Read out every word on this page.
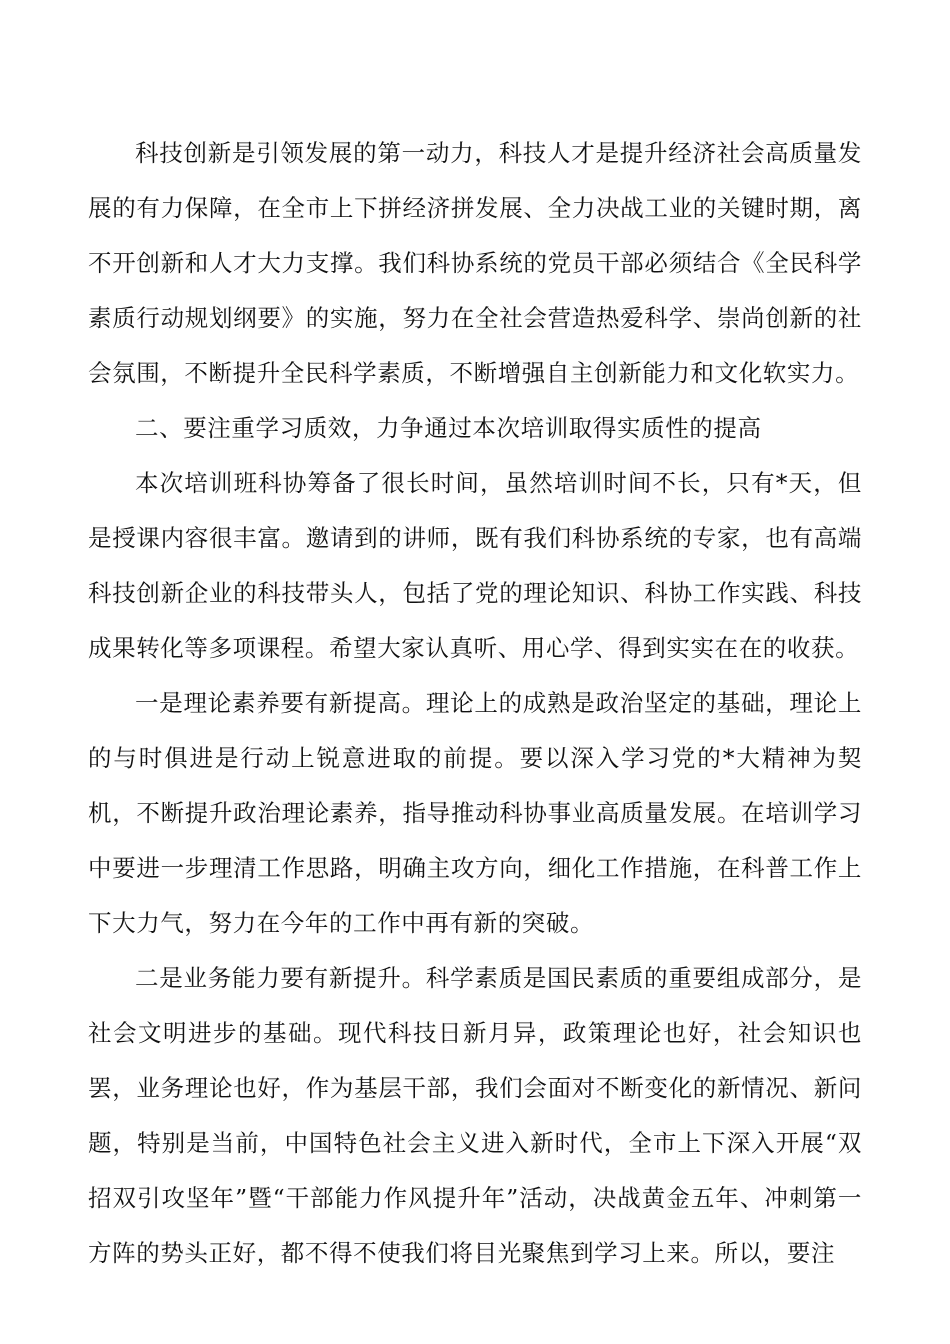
科技创新是引领发展的第一动力，科技人才是提升经济社会高质量发展的有力保障，在全市上下拼经济拼发展、全力决战工业的关键时期，离不开创新和人才大力支撑。我们科协系统的党员干部必须结合《全民科学素质行动规划纲要》的实施，努力在全社会营造热爱科学、崇尚创新的社会氛围，不断提升全民科学素质，不断增强自主创新能力和文化软实力。

二、要注重学习质效，力争通过本次培训取得实质性的提高

本次培训班科协筹备了很长时间，虽然培训时间不长，只有*天，但是授课内容很丰富。邀请到的讲师，既有我们科协系统的专家，也有高端科技创新企业的科技带头人，包括了党的理论知识、科协工作实践、科技成果转化等多项课程。希望大家认真听、用心学、得到实实在在的收获。

一是理论素养要有新提高。理论上的成熟是政治坚定的基础，理论上的与时俱进是行动上锐意进取的前提。要以深入学习党的*大精神为契机，不断提升政治理论素养，指导推动科协事业高质量发展。在培训学习中要进一步理清工作思路，明确主攻方向，细化工作措施，在科普工作上下大力气，努力在今年的工作中再有新的突破。

二是业务能力要有新提升。科学素质是国民素质的重要组成部分，是社会文明进步的基础。现代科技日新月异，政策理论也好，社会知识也罢，业务理论也好，作为基层干部，我们会面对不断变化的新情况、新问题，特别是当前，中国特色社会主义进入新时代，全市上下深入开展“双招双引攻坚年”暨“干部能力作风提升年”活动，决战黄金五年、冲刺第一方阵的势头正好，都不得不使我们将目光聚焦到学习上来。所以，要注
